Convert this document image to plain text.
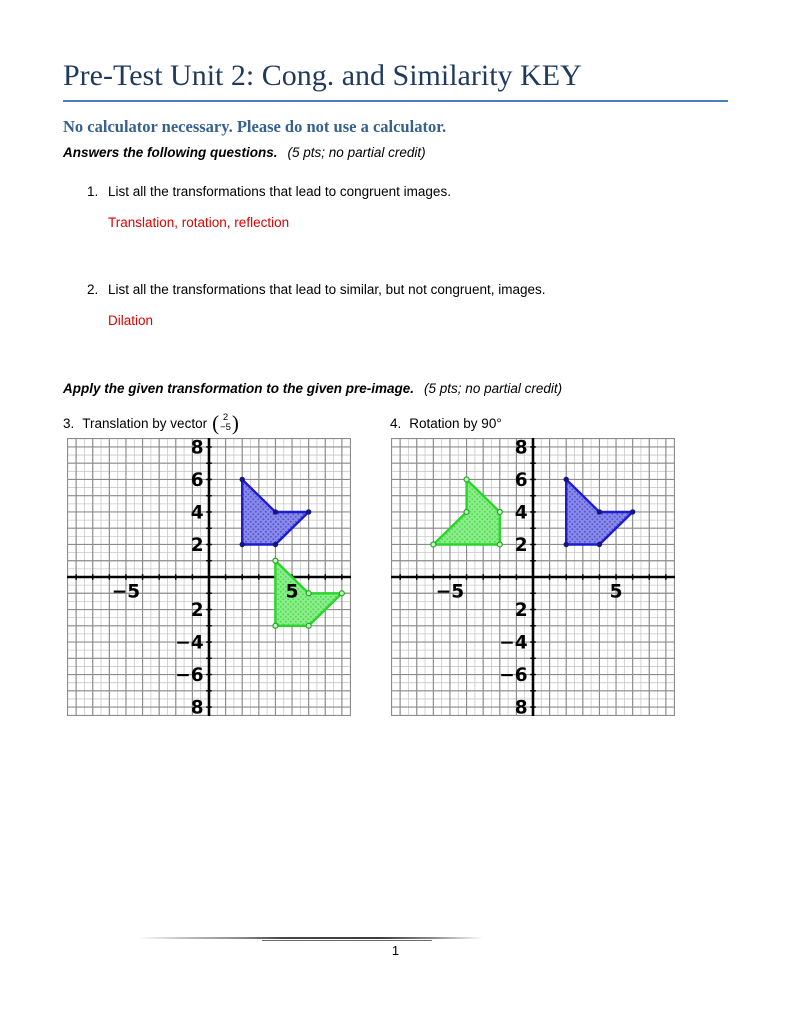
Pre-Test Unit 2: Cong. and Similarity KEY

No calculator necessary. Please do not use a calculator.

Answers the following questions. (5 pts; no partial credit)

1. List all the transformations that lead to congruent images.
Translation, rotation, reflection
2. List all the transformations that lead to similar, but not congruent, images.
Dilation

Apply the given transformation to the given pre-image. (5 pts; no partial credit)

3. Translation by vector ( 2
−5 )
8
6
4
2
2
−4
−6
8
−5	5
4. Rotation by 90°
8
6
4
2
2
−4
−6
8
−5	5
1
